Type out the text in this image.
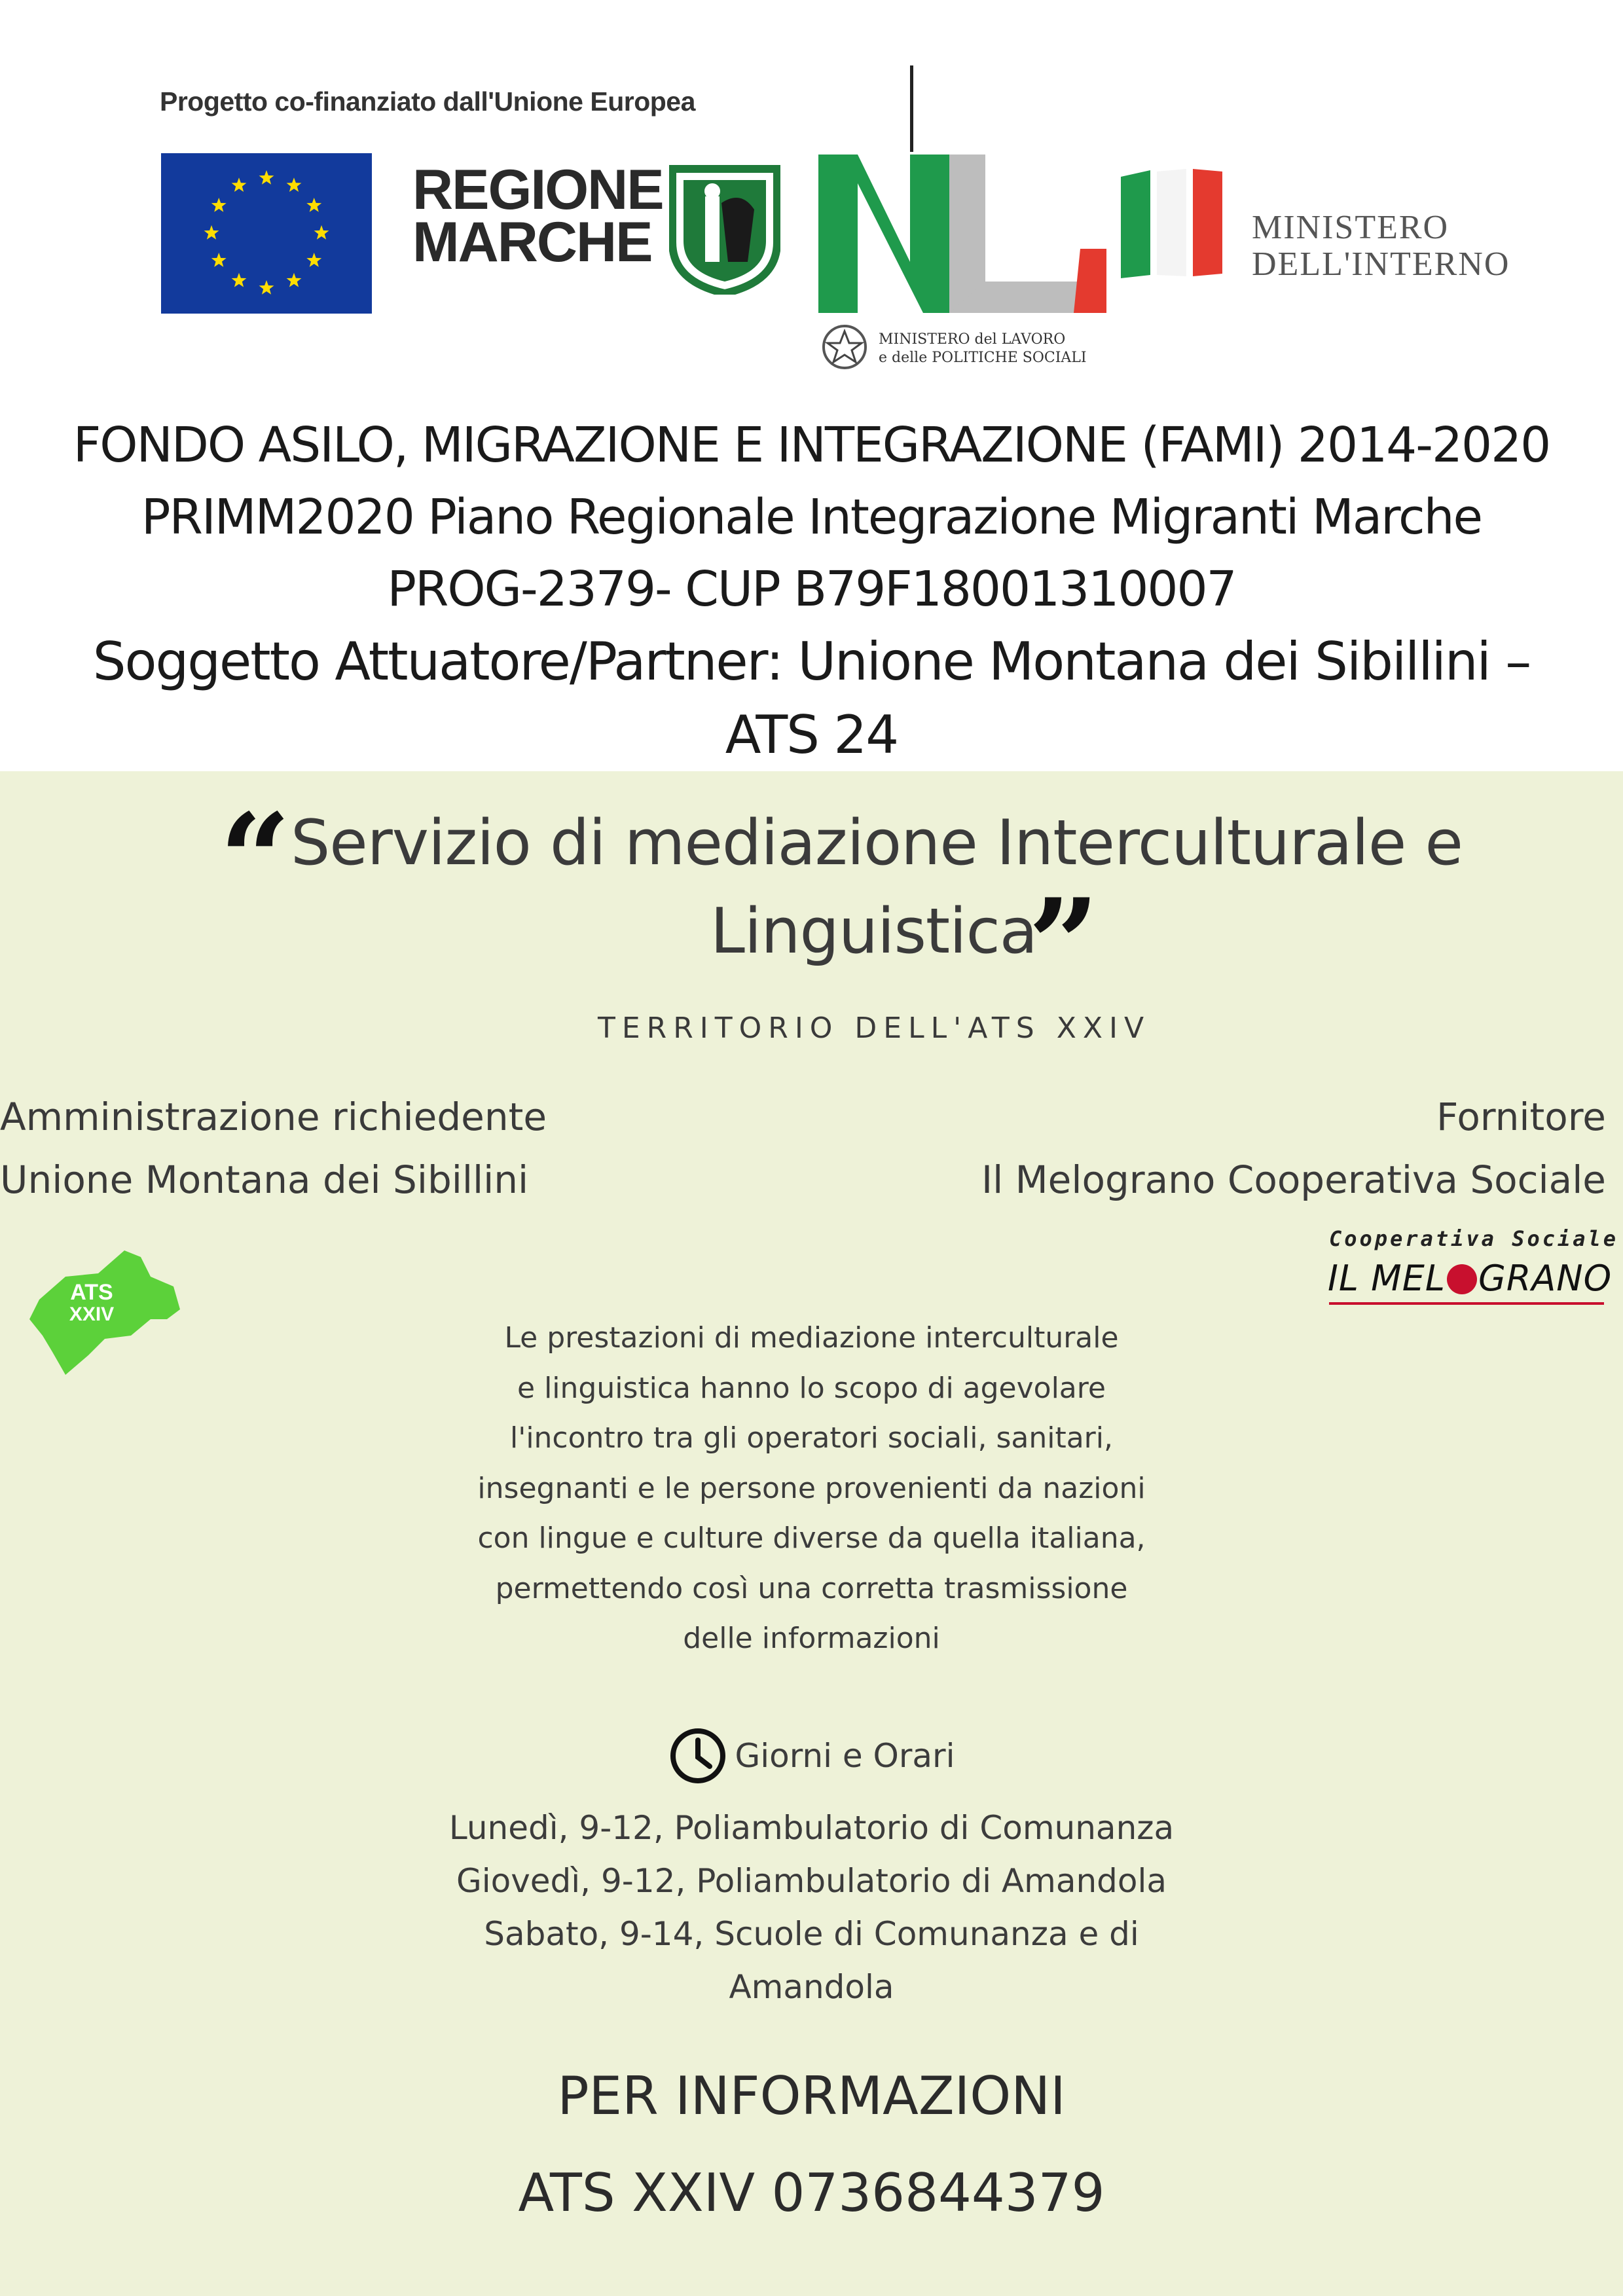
Progetto co-finanziato dall'Unione Europea
REGIONE
MARCHE
MINISTERO del LAVORO
e delle POLITICHE SOCIALI
MINISTERO
DELL'INTERNO
FONDO ASILO, MIGRAZIONE E INTEGRAZIONE (FAMI) 2014-2020
PRIMM2020 Piano Regionale Integrazione Migranti Marche
PROG-2379- CUP B79F18001310007
Soggetto Attuatore/Partner: Unione Montana dei Sibillini –
ATS 24
“ Servizio di mediazione Interculturale e
Linguistica
”
TERRITORIO DELL'ATS XXIV
Amministrazione richiedente
Unione Montana dei Sibillini
Fornitore
Il Melograno Cooperativa Sociale
ATS
XXIV
Cooperativa Sociale
IL MEL GRANO
Le prestazioni di mediazione interculturale
e linguistica hanno lo scopo di agevolare
l'incontro tra gli operatori sociali, sanitari,
insegnanti e le persone provenienti da nazioni
con lingue e culture diverse da quella italiana,
permettendo così una corretta trasmissione
delle informazioni
Giorni e Orari
Lunedì, 9-12, Poliambulatorio di Comunanza
Giovedì, 9-12, Poliambulatorio di Amandola
Sabato, 9-14, Scuole di Comunanza e di
Amandola
PER INFORMAZIONI
ATS XXIV 0736844379
